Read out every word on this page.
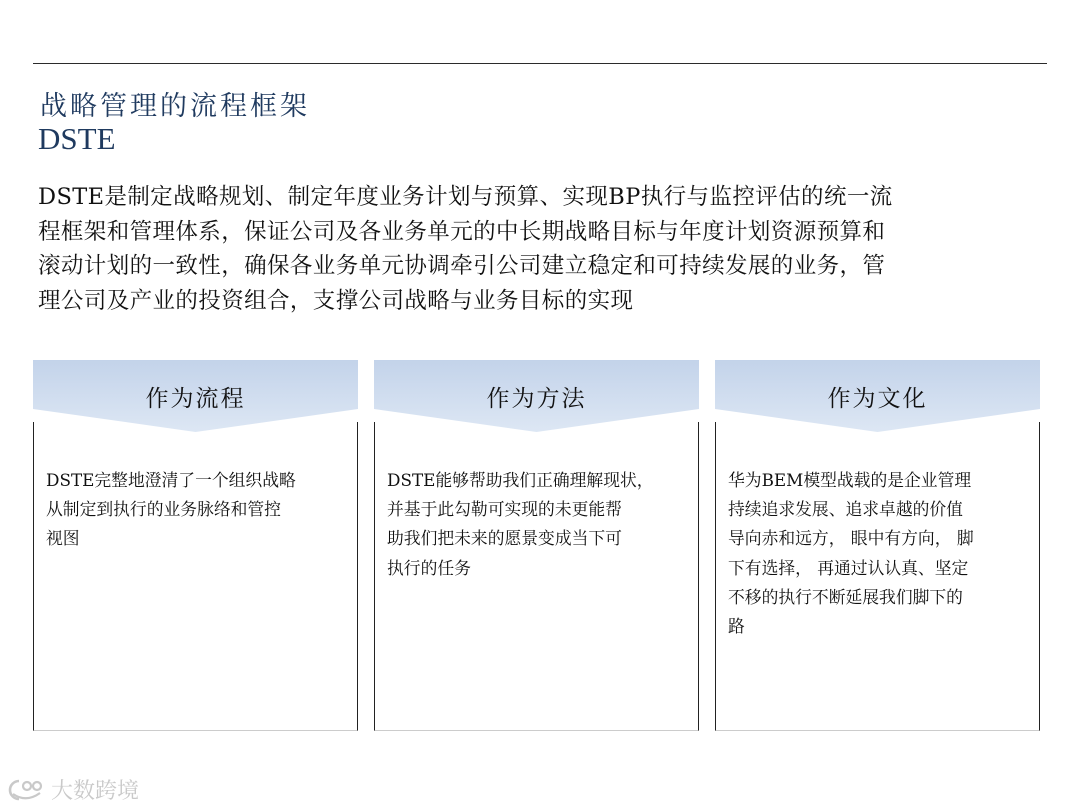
战略管理的流程框架
DSTE

DSTE是制定战略规划、制定年度业务计划与预算、实现BP执行与监控评估的统一流
程框架和管理体系，保证公司及各业务单元的中长期战略目标与年度计划资源预算和
滚动计划的一致性，确保各业务单元协调牵引公司建立稳定和可持续发展的业务，管
理公司及产业的投资组合，支撑公司战略与业务目标的实现

作为流程

DSTE完整地澄清了一个组织战略
从制定到执行的业务脉络和管控
视图

作为方法

DSTE能够帮助我们正确理解现状，
并基于此勾勒可实现的未更能帮
助我们把未来的愿景变成当下可
执行的任务

作为文化

华为BEM模型战载的是企业管理
持续追求发展、追求卓越的价值
导向赤和远方， 眼中有方向， 脚
下有选择， 再通过认认真、坚定
不移的执行不断延展我们脚下的
路

大数跨境
